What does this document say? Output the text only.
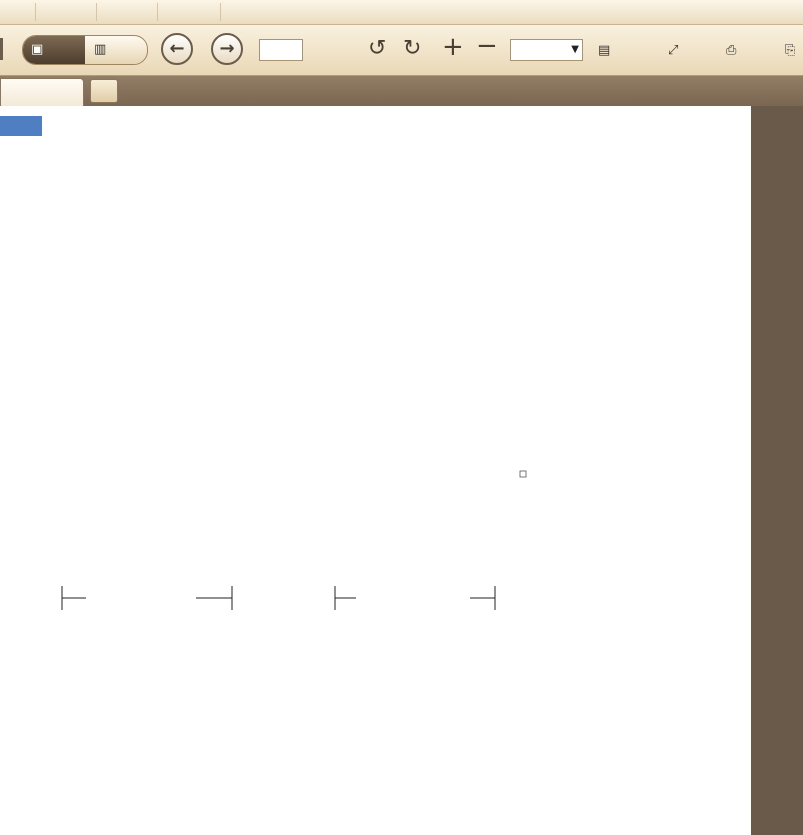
▣	▥	←	→	↺ ↻ + −	▼ ▤	⤢	⎙	⎘
